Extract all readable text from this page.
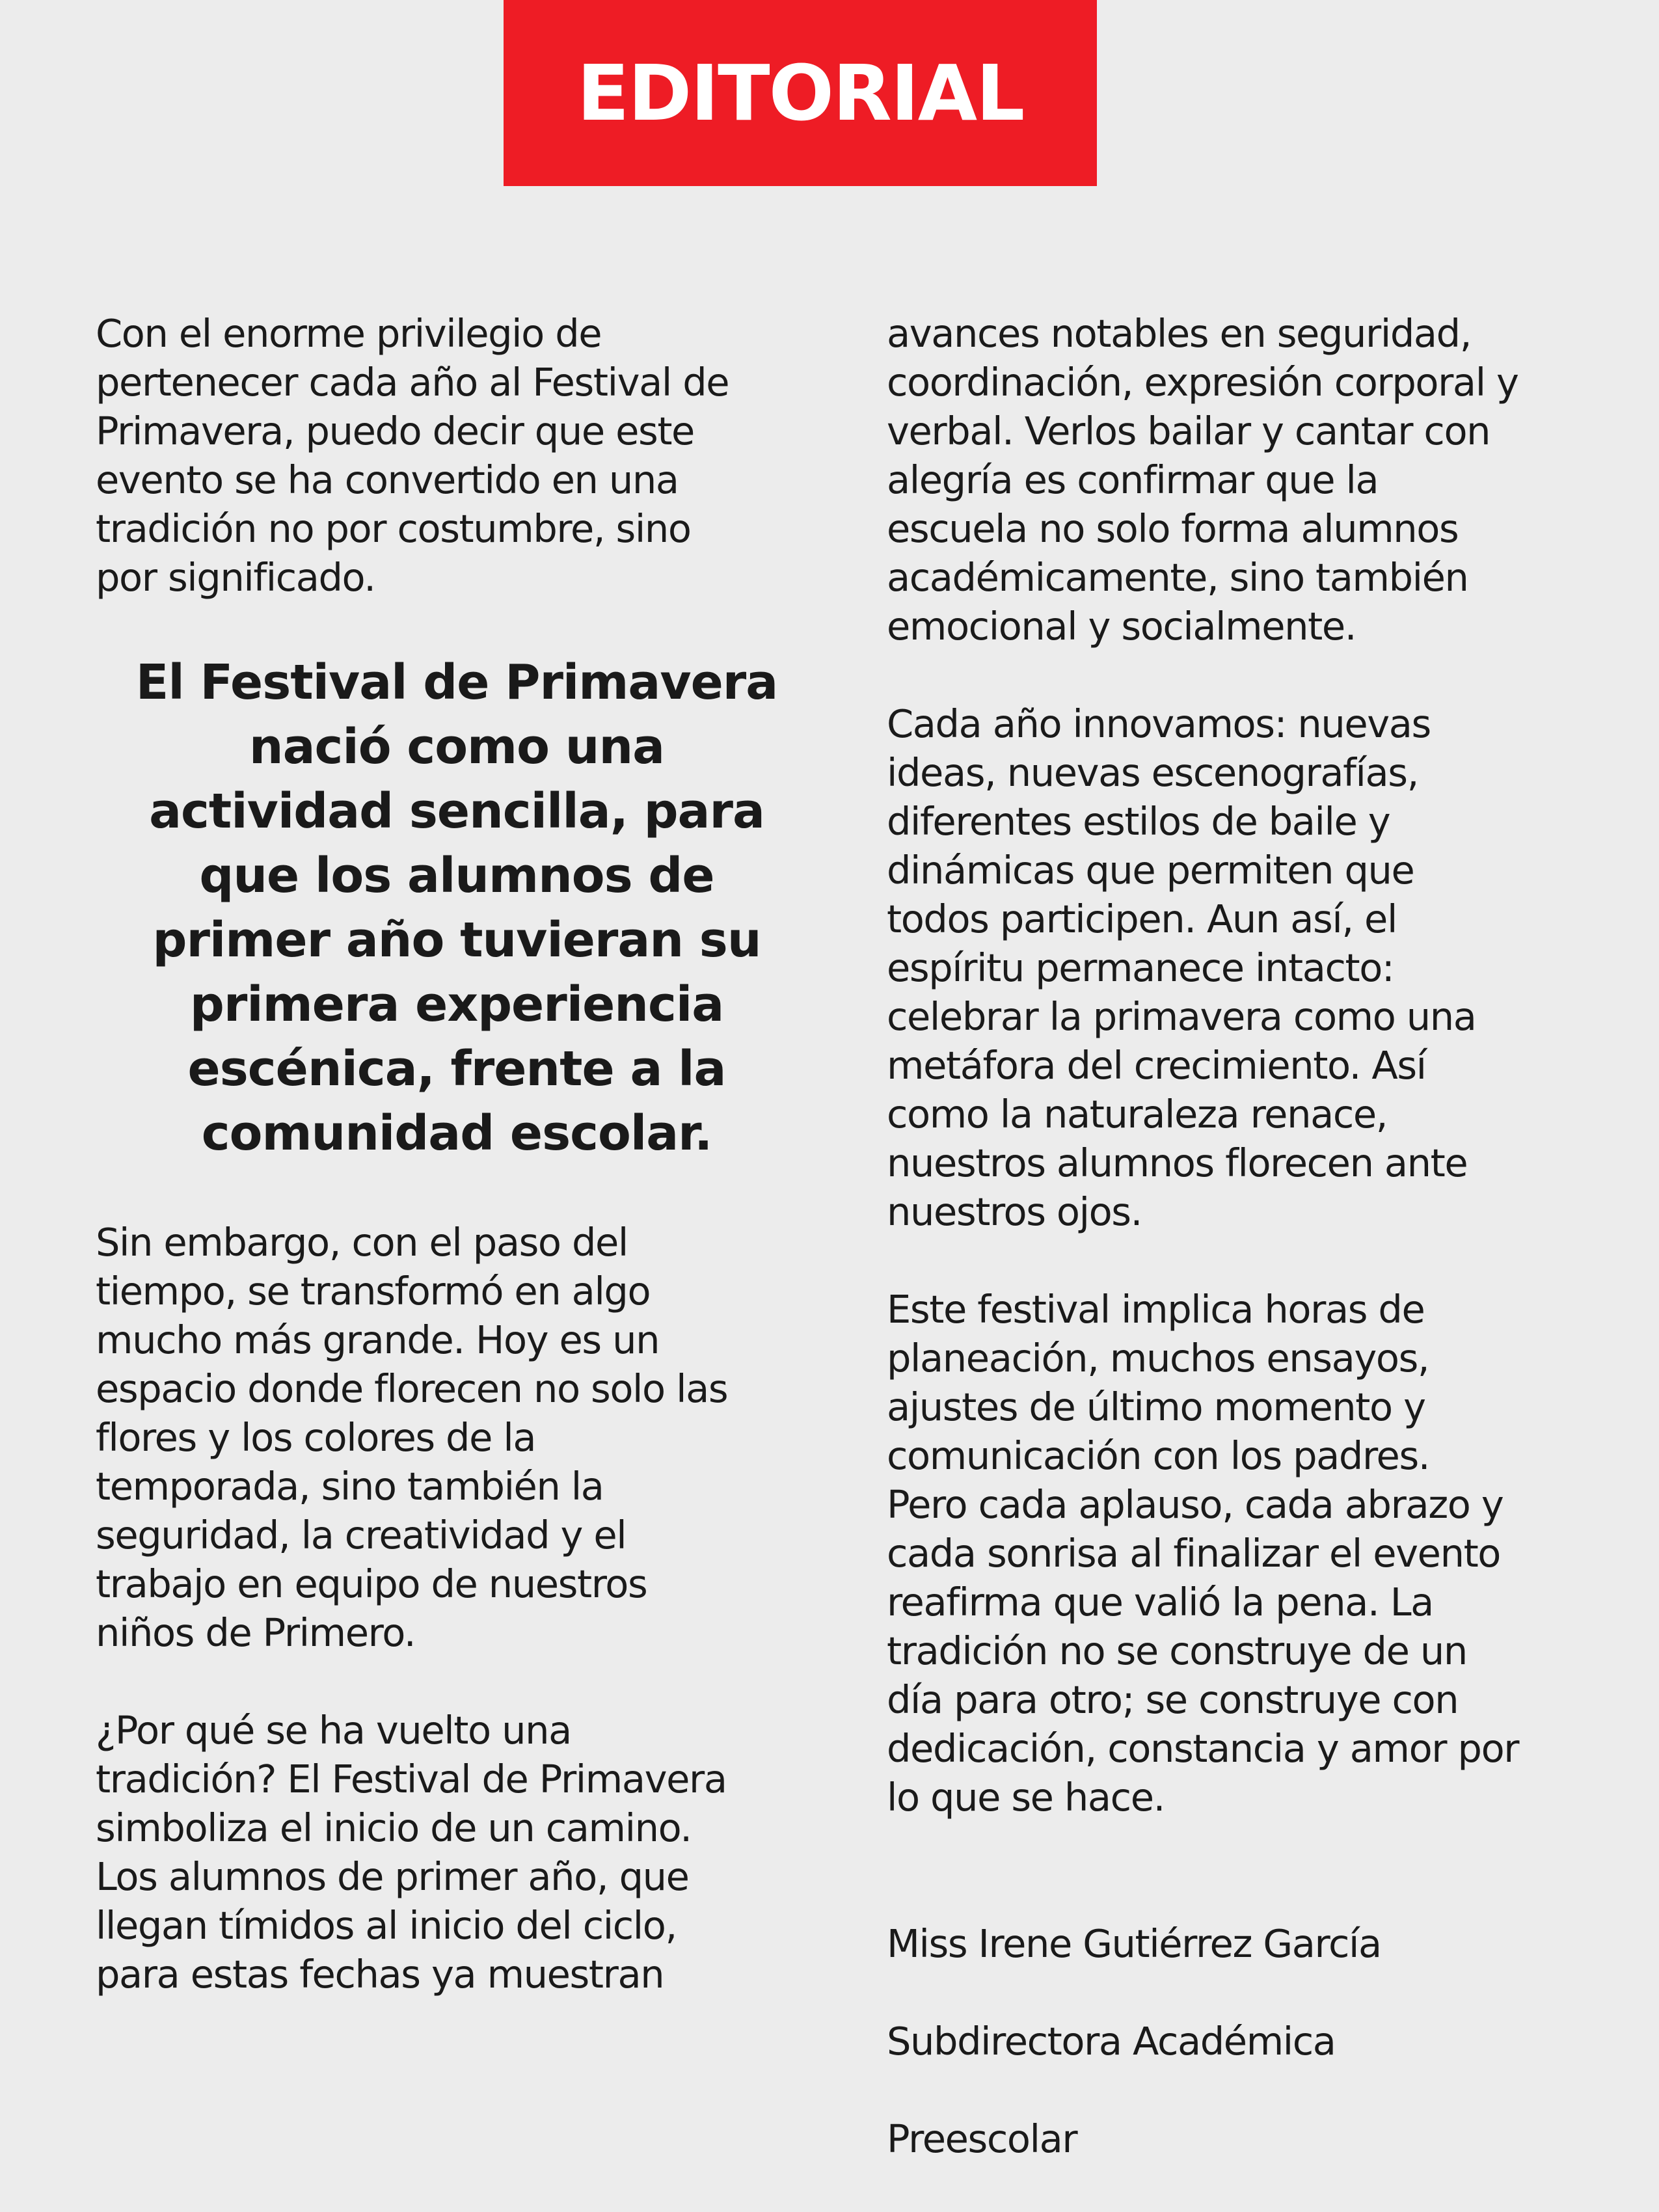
EDITORIAL

Con el enorme privilegio de
pertenecer cada año al Festival de
Primavera, puedo decir que este
evento se ha convertido en una
tradición no por costumbre, sino
por significado.

El Festival de Primavera
nació como una
actividad sencilla, para
que los alumnos de
primer año tuvieran su
primera experiencia
escénica, frente a la
comunidad escolar.

Sin embargo, con el paso del
tiempo, se transformó en algo
mucho más grande. Hoy es un
espacio donde florecen no solo las
flores y los colores de la
temporada, sino también la
seguridad, la creatividad y el
trabajo en equipo de nuestros
niños de Primero.

¿Por qué se ha vuelto una
tradición? El Festival de Primavera
simboliza el inicio de un camino.
Los alumnos de primer año, que
llegan tímidos al inicio del ciclo,
para estas fechas ya muestran

avances notables en seguridad,
coordinación, expresión corporal y
verbal. Verlos bailar y cantar con
alegría es confirmar que la
escuela no solo forma alumnos
académicamente, sino también
emocional y socialmente.

Cada año innovamos: nuevas
ideas, nuevas escenografías,
diferentes estilos de baile y
dinámicas que permiten que
todos participen. Aun así, el
espíritu permanece intacto:
celebrar la primavera como una
metáfora del crecimiento. Así
como la naturaleza renace,
nuestros alumnos florecen ante
nuestros ojos.

Este festival implica horas de
planeación, muchos ensayos,
ajustes de último momento y
comunicación con los padres.
Pero cada aplauso, cada abrazo y
cada sonrisa al finalizar el evento
reafirma que valió la pena. La
tradición no se construye de un
día para otro; se construye con
dedicación, constancia y amor por
lo que se hace.

Miss Irene Gutiérrez García

Subdirectora Académica

Preescolar
